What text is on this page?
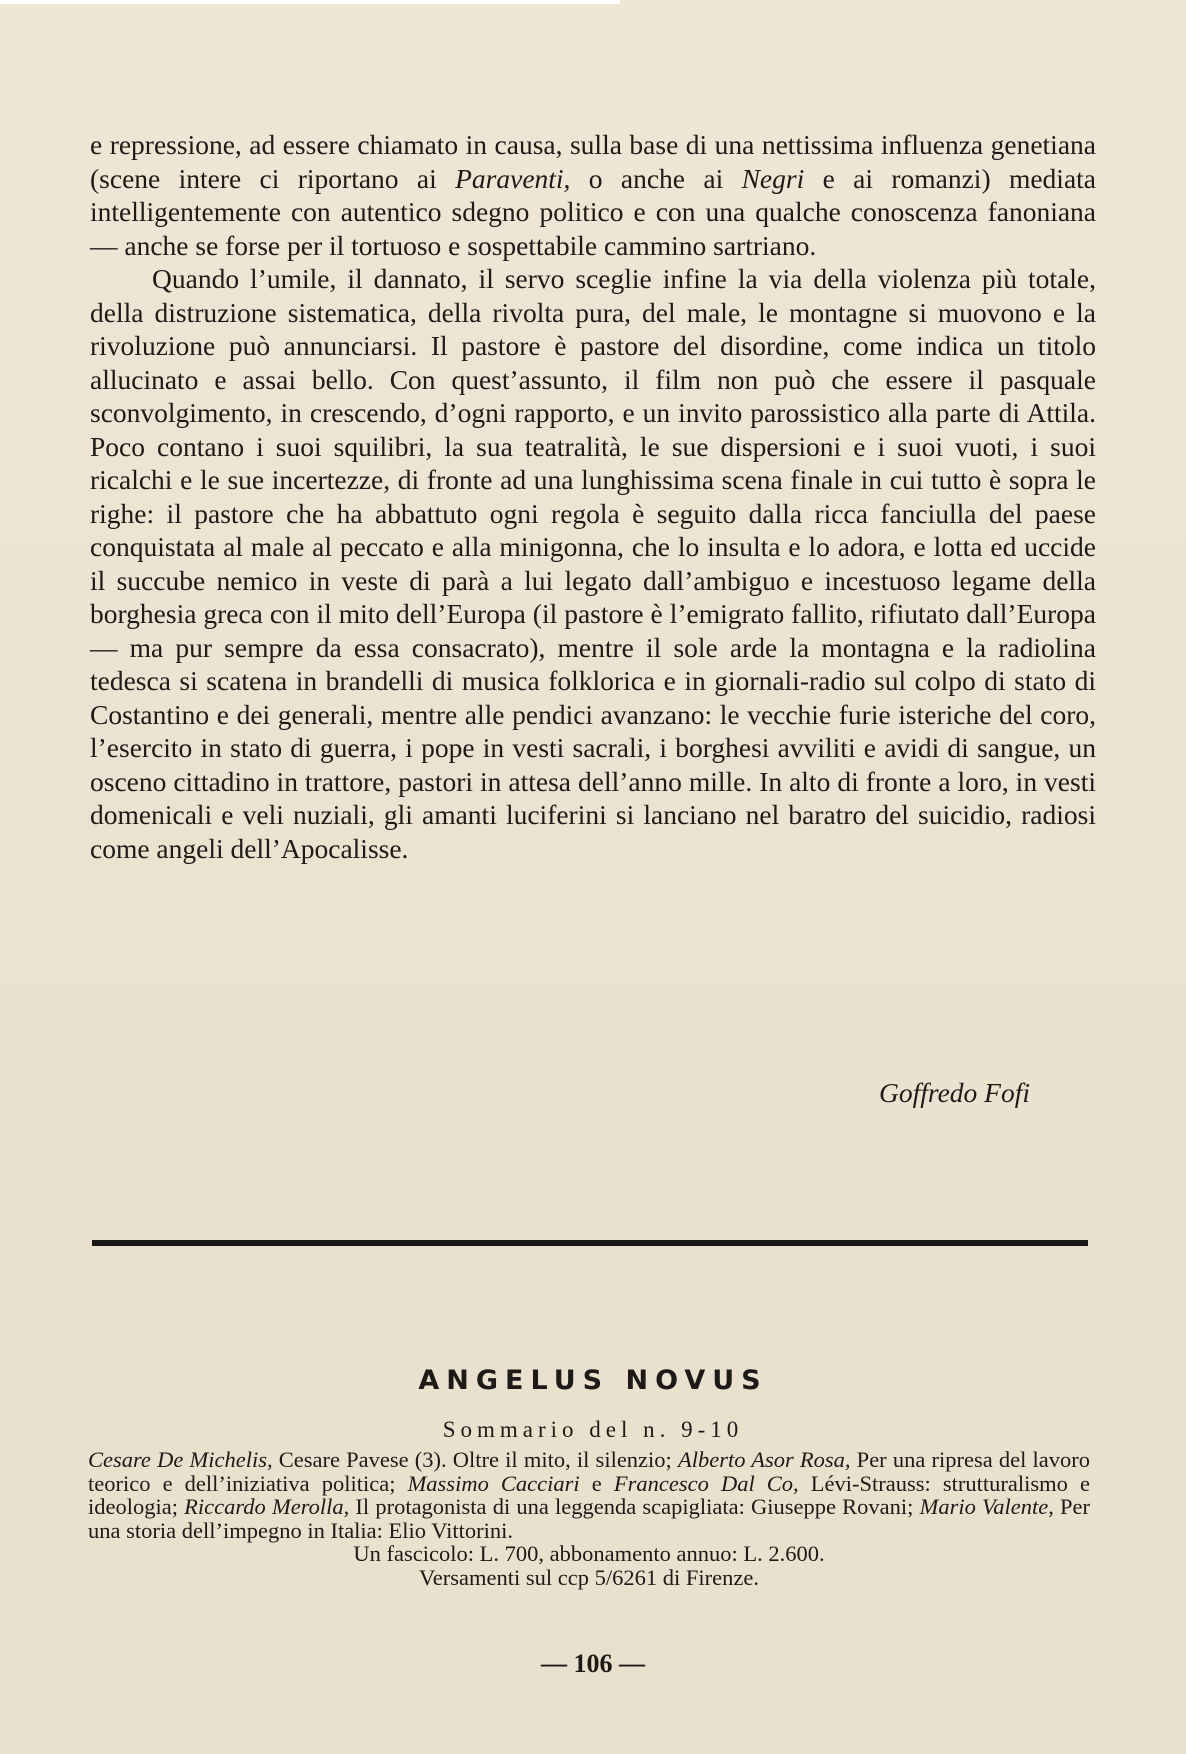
e repressione, ad essere chiamato in causa, sulla base di una nettissima influenza genetiana (scene intere ci riportano ai Paraventi, o anche ai Negri e ai romanzi) mediata intelligentemente con autentico sdegno politico e con una qualche conoscenza fanoniana — anche se forse per il tortuoso e sospettabile cammino sartriano.

Quando l’umile, il dannato, il servo sceglie infine la via della violenza più totale, della distruzione sistematica, della rivolta pura, del male, le montagne si muovono e la rivoluzione può annunciarsi. Il pastore è pastore del disordine, come indica un titolo allucinato e assai bello. Con quest’assunto, il film non può che essere il pasquale sconvolgimento, in crescendo, d’ogni rapporto, e un invito parossistico alla parte di Attila. Poco contano i suoi squilibri, la sua teatralità, le sue dispersioni e i suoi vuoti, i suoi ricalchi e le sue incertezze, di fronte ad una lunghissima scena finale in cui tutto è sopra le righe: il pastore che ha abbattuto ogni regola è seguito dalla ricca fanciulla del paese conquistata al male al peccato e alla minigonna, che lo insulta e lo adora, e lotta ed uccide il succube nemico in veste di parà a lui legato dall’ambiguo e incestuoso legame della borghesia greca con il mito dell’Europa (il pastore è l’emigrato fallito, rifiutato dall’Europa — ma pur sempre da essa consacrato), mentre il sole arde la montagna e la radiolina tedesca si scatena in brandelli di musica folklorica e in giornali-radio sul colpo di stato di Costantino e dei generali, mentre alle pendici avanzano: le vecchie furie isteriche del coro, l’esercito in stato di guerra, i pope in vesti sacrali, i borghesi avviliti e avidi di sangue, un osceno cittadino in trattore, pastori in attesa dell’anno mille. In alto di fronte a loro, in vesti domenicali e veli nuziali, gli amanti luciferini si lanciano nel baratro del suicidio, radiosi come angeli dell’Apocalisse.

Goffredo Fofi
ANGELUS NOVUS
Sommario del n. 9-10
Cesare De Michelis, Cesare Pavese (3). Oltre il mito, il silenzio; Alberto Asor Rosa, Per una ripresa del lavoro teorico e dell’iniziativa politica; Massimo Cacciari e Francesco Dal Co, Lévi-Strauss: strutturalismo e ideologia; Riccardo Merolla, Il protagonista di una leggenda scapigliata: Giuseppe Rovani; Mario Valente, Per una storia dell’impegno in Italia: Elio Vittorini.
Un fascicolo: L. 700, abbonamento annuo: L. 2.600.
Versamenti sul ccp 5/6261 di Firenze.
— 106 —
